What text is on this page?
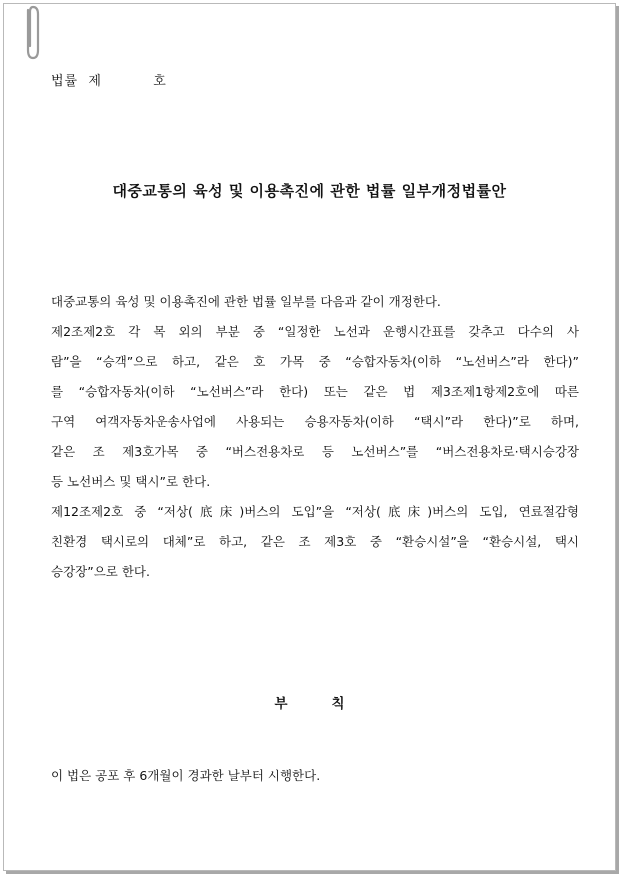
법률  제          호
대중교통의 육성 및 이용촉진에 관한 법률 일부개정법률안

대중교통의 육성 및 이용촉진에 관한 법률 일부를 다음과 같이 개정한다.

제2조제2호 각 목 외의 부분 중 “일정한 노선과 운행시간표를 갖추고 다수의 사

람”을 “승객”으로 하고, 같은 호 가목 중 “승합자동차(이하 “노선버스”라 한다)”

를 “승합자동차(이하 “노선버스”라 한다) 또는 같은 법 제3조제1항제2호에 따른

구역 여객자동차운송사업에 사용되는 승용자동차(이하 “택시”라 한다)”로 하며,

같은 조 제3호가목 중 “버스전용차로 등 노선버스”를 “버스전용차로·택시승강장

등 노선버스 및 택시”로 한다.

제12조제2호 중 “저상(底床)버스의 도입”을 “저상(底床)버스의 도입, 연료절감형

친환경 택시로의 대체”로 하고, 같은 조 제3호 중 “환승시설”을 “환승시설, 택시

승강장”으로 한다.

부칙
이 법은 공포 후 6개월이 경과한 날부터 시행한다.
